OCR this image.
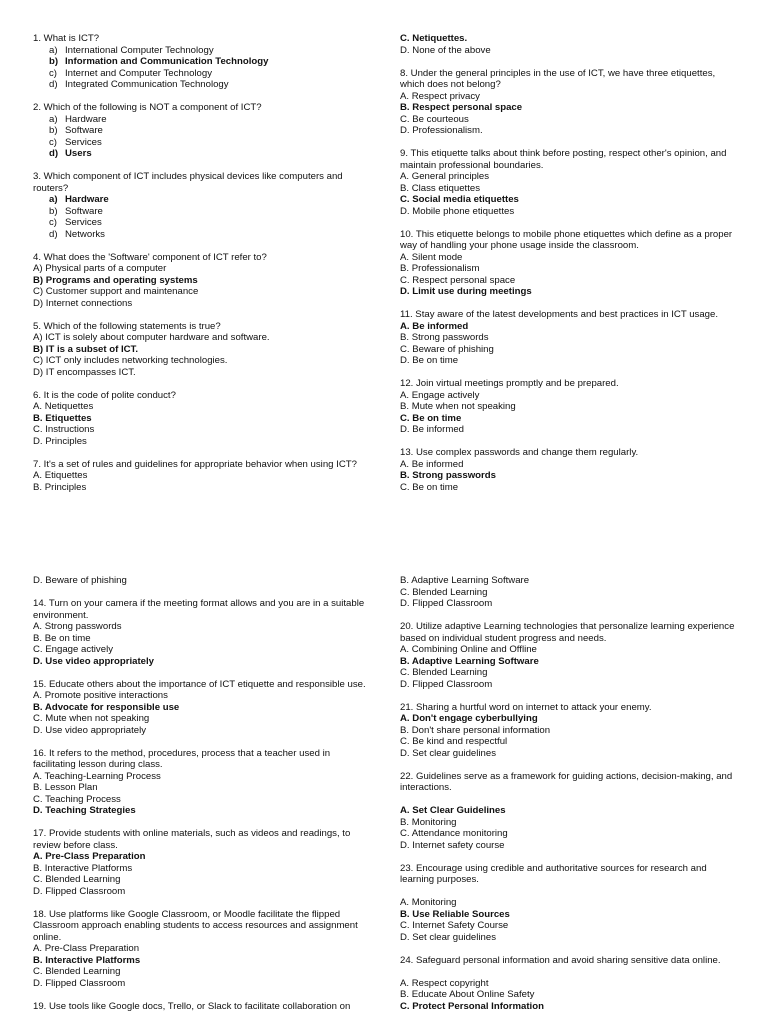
1. What is ICT?
a) International Computer Technology
b) Information and Communication Technology
c) Internet and Computer Technology
d) Integrated Communication Technology
2. Which of the following is NOT a component of ICT?
a) Hardware
b) Software
c) Services
d) Users
3. Which component of ICT includes physical devices like computers and routers?
a) Hardware
b) Software
c) Services
d) Networks
4. What does the 'Software' component of ICT refer to?
A) Physical parts of a computer
B) Programs and operating systems
C) Customer support and maintenance
D) Internet connections
5. Which of the following statements is true?
A) ICT is solely about computer hardware and software.
B) IT is a subset of ICT.
C) ICT only includes networking technologies.
D) IT encompasses ICT.
6. It is the code of polite conduct?
A. Netiquettes
B. Etiquettes
C. Instructions
D. Principles
7. It's a set of rules and guidelines for appropriate behavior when using ICT?
A. Etiquettes
B. Principles
C. Netiquettes.
D. None of the above
8. Under the general principles in the use of ICT, we have three etiquettes, which does not belong?
A. Respect privacy
B. Respect personal space
C. Be courteous
D. Professionalism.
9. This etiquette talks about think before posting, respect other's opinion, and maintain professional boundaries.
A. General principles
B. Class etiquettes
C. Social media etiquettes
D. Mobile phone etiquettes
10. This etiquette belongs to mobile phone etiquettes which define as a proper way of handling your phone usage inside the classroom.
A. Silent mode
B. Professionalism
C. Respect personal space
D. Limit use during meetings
11. Stay aware of the latest developments and best practices in ICT usage.
A. Be informed
B. Strong passwords
C. Beware of phishing
D. Be on time
12. Join virtual meetings promptly and be prepared.
A. Engage actively
B. Mute when not speaking
C. Be on time
D. Be informed
13. Use complex passwords and change them regularly.
A. Be informed
B. Strong passwords
C. Be on time
D. Beware of phishing
14. Turn on your camera if the meeting format allows and you are in a suitable environment.
A. Strong passwords
B. Be on time
C. Engage actively
D. Use video appropriately
15. Educate others about the importance of ICT etiquette and responsible use.
A. Promote positive interactions
B. Advocate for responsible use
C. Mute when not speaking
D. Use video appropriately
16. It refers to the method, procedures, process that a teacher used in facilitating lesson during class.
A. Teaching-Learning Process
B. Lesson Plan
C. Teaching Process
D. Teaching Strategies
17. Provide students with online materials, such as videos and readings, to review before class.
A. Pre-Class Preparation
B. Interactive Platforms
C. Blended Learning
D. Flipped Classroom
18. Use platforms like Google Classroom, or Moodle facilitate the flipped Classroom approach enabling students to access resources and assignment online.
A. Pre-Class Preparation
B. Interactive Platforms
C. Blended Learning
D. Flipped Classroom
19. Use tools like Google docs, Trello, or Slack to facilitate collaboration on
B. Adaptive Learning Software
C. Blended Learning
D. Flipped Classroom
20. Utilize adaptive Learning technologies that personalize learning experience based on individual student progress and needs.
A. Combining Online and Offline
B. Adaptive Learning Software
C. Blended Learning
D. Flipped Classroom
21. Sharing a hurtful word on internet to attack your enemy.
A. Don't engage cyberbullying
B. Don't share personal information
C. Be kind and respectful
D. Set clear guidelines
22. Guidelines serve as a framework for guiding actions, decision-making, and interactions.
A. Set Clear Guidelines
B. Monitoring
C. Attendance monitoring
D. Internet safety course
23. Encourage using credible and authoritative sources for research and learning purposes.
A. Monitoring
B. Use Reliable Sources
C. Internet Safety Course
D. Set clear guidelines
24. Safeguard personal information and avoid sharing sensitive data online.
A. Respect copyright
B. Educate About Online Safety
C. Protect Personal Information
